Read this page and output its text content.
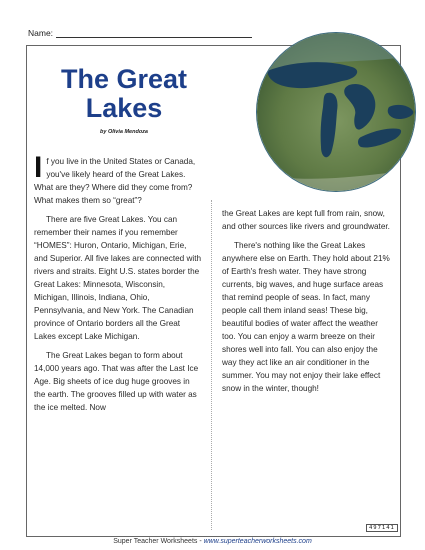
Name:
The Great Lakes
by Olivia Mendoza

If you live in the United States or Canada, you've likely heard of the Great Lakes. What are they? Where did they come from? What makes them so “great”?

There are five Great Lakes. You can remember their names if you remember “HOMES”: Huron, Ontario, Michigan, Erie, and Superior. All five lakes are connected with rivers and straits. Eight U.S. states border the Great Lakes: Minnesota, Wisconsin, Michigan, Illinois, Indiana, Ohio, Pennsylvania, and New York. The Canadian province of Ontario borders all the Great Lakes except Lake Michigan.

The Great Lakes began to form about 14,000 years ago. That was after the Last Ice Age. Big sheets of ice dug huge grooves in the earth. The grooves filled up with water as the ice melted. Now

the Great Lakes are kept full from rain, snow, and other sources like rivers and groundwater.

There's nothing like the Great Lakes anywhere else on Earth. They hold about 21% of Earth's fresh water. They have strong currents, big waves, and huge surface areas that remind people of seas. In fact, many people call them inland seas! These big, beautiful bodies of water affect the weather too. You can enjoy a warm breeze on their shores well into fall. You can also enjoy the way they act like an air conditioner in the summer. You may not enjoy their lake effect snow in the winter, though!

497141
Super Teacher Worksheets - www.superteacherworksheets.com
